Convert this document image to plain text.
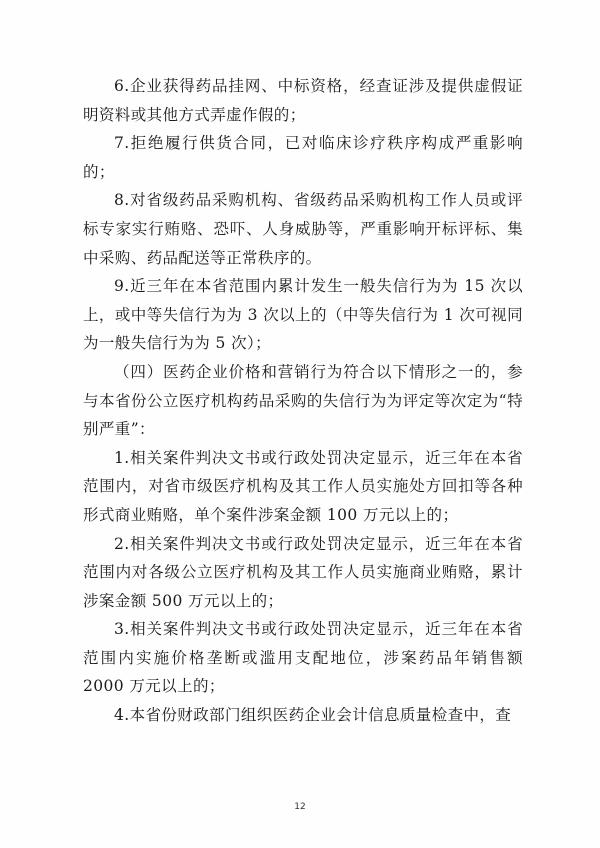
6.企业获得药品挂网、中标资格，经查证涉及提供虚假证明资料或其他方式弄虚作假的；

7.拒绝履行供货合同，已对临床诊疗秩序构成严重影响的；

8.对省级药品采购机构、省级药品采购机构工作人员或评标专家实行贿赂、恐吓、人身威胁等，严重影响开标评标、集中采购、药品配送等正常秩序的。

9.近三年在本省范围内累计发生一般失信行为为 15 次以上，或中等失信行为为 3 次以上的（中等失信行为 1 次可视同为一般失信行为为 5 次）；

（四）医药企业价格和营销行为符合以下情形之一的，参与本省份公立医疗机构药品采购的失信行为为评定等次定为“特别严重”：

1.相关案件判决文书或行政处罚决定显示，近三年在本省范围内，对省市级医疗机构及其工作人员实施处方回扣等各种形式商业贿赂，单个案件涉案金额 100 万元以上的；

2.相关案件判决文书或行政处罚决定显示，近三年在本省范围内对各级公立医疗机构及其工作人员实施商业贿赂，累计涉案金额 500 万元以上的；

3.相关案件判决文书或行政处罚决定显示，近三年在本省范围内实施价格垄断或滥用支配地位，涉案药品年销售额 2000 万元以上的；

4.本省份财政部门组织医药企业会计信息质量检查中，查

12
